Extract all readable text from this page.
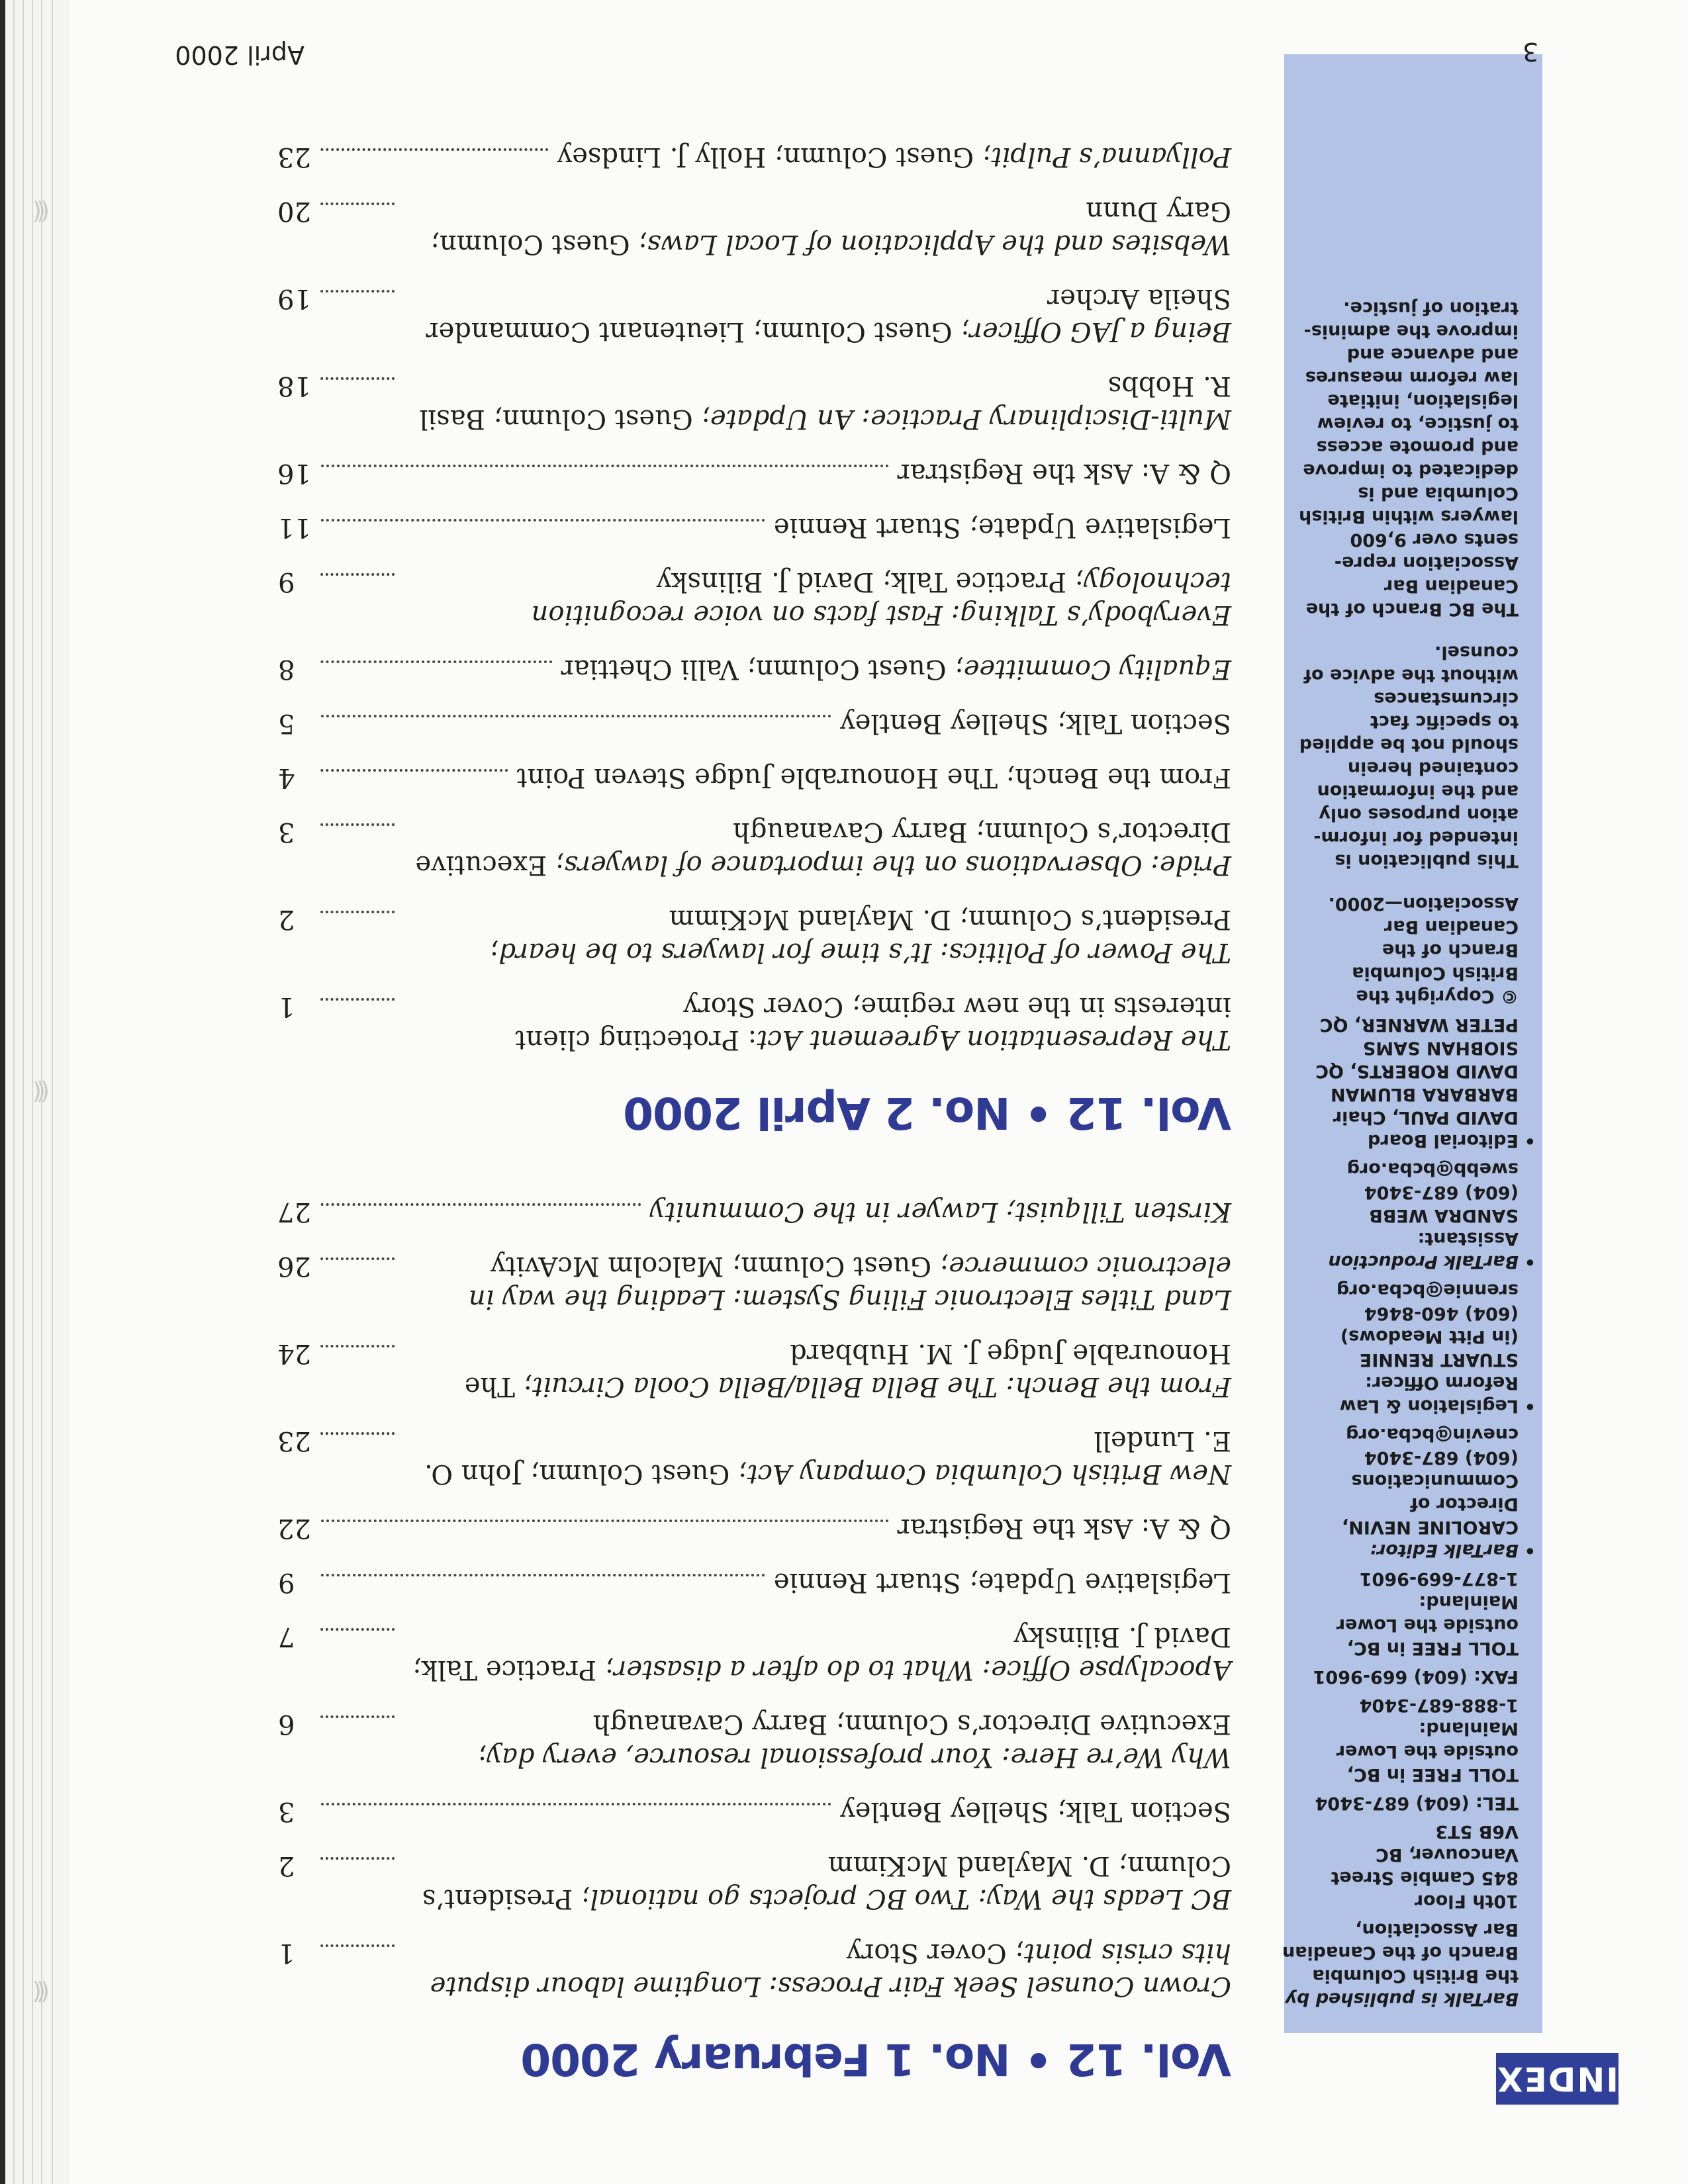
INDEX
BarTalk is published by
the British Columbia
Branch of the Canadian
Bar Association,
10th Floor
845 Cambie Street
Vancouver, BC
V6B 5T3
TEL: (604) 687-3404
TOLL FREE in BC,
outside the Lower
Mainland:
1-888-687-3404
FAX: (604) 669-9601
TOLL FREE in BC,
outside the Lower
Mainland:
1-877-669-9601
•BarTalk Editor:
CAROLINE NEVIN,
Director of
Communications
(604) 687-3404
cnevin@bcba.org
•Legislation & Law
Reform Officer:
STUART RENNIE
(in Pitt Meadows)
(604) 460-8464
srennie@bcba.org
•BarTalk Production
Assistant:
SANDRA WEBB
(604) 687-3404
swebb@bcba.org
•Editorial Board
DAVID PAUL, Chair
BARBARA BLUMAN
DAVID ROBERTS, QC
SIOBHAN SAMS
PETER WARNER, QC
© Copyright the
British Columbia
Branch of the
Canadian Bar
Association—2000.
This publication is
intended for inform-
ation purposes only
and the information
contained herein
should not be applied
to specific fact
circumstances
without the advice of
counsel.
The BC Branch of the
Canadian Bar
Association repre-
sents over 9,600
lawyers within British
Columbia and is
dedicated to improve
and promote access
to justice, to review
legislation, initiate
law reform measures
and advance and
improve the adminis-
tration of justice.
Vol. 12 • No. 1 February 2000
Crown Counsel Seek Fair Process: Longtime labour dispute hits crisis point; Cover Story
1
BC Leads the Way: Two BC projects go national; President’s Column; D. Mayland McKimm
2
Section Talk; Shelley Bentley
3
Why We’re Here: Your professional resource, every day; Executive Director’s Column; Barry Cavanaugh
6
Apocalypse Office: What to do after a disaster; Practice Talk; David J. Bilinsky
7
Legislative Update; Stuart Rennie
9
Q & A: Ask the Registrar
22
New British Columbia Company Act; Guest Column; John O. E. Lundell
23
From the Bench: The Bella Bella/Bella Coola Circuit; The Honourable Judge J. M. Hubbard
24
Land Titles Electronic Filing System: Leading the way in electronic commerce; Guest Column; Malcolm McAvity
26
Kirsten Tillquist; Lawyer in the Community
27
Vol. 12 • No. 2 April 2000
The Representation Agreement Act: Protecting client interests in the new regime; Cover Story
1
The Power of Politics: It’s time for lawyers to be heard; President’s Column; D. Mayland McKimm
2
Pride: Observations on the importance of lawyers; Executive Director’s Column; Barry Cavanaugh
3
From the Bench; The Honourable Judge Steven Point
4
Section Talk; Shelley Bentley
5
Equality Committee; Guest Column; Valli Chettiar
8
Everybody’s Talking: Fast facts on voice recognition technology; Practice Talk; David J. Bilinsky
9
Legislative Update; Stuart Rennie
11
Q & A: Ask the Registrar
16
Multi-Disciplinary Practice: An Update; Guest Column; Basil R. Hobbs
18
Being a JAG Officer; Guest Column; Lieutenant Commander Sheila Archer
19
Websites and the Application of Local Laws; Guest Column; Gary Dunn
20
Pollyanna’s Pulpit; Guest Column; Holly J. Lindsey
23
April 2000	3
(((
(((
(((
